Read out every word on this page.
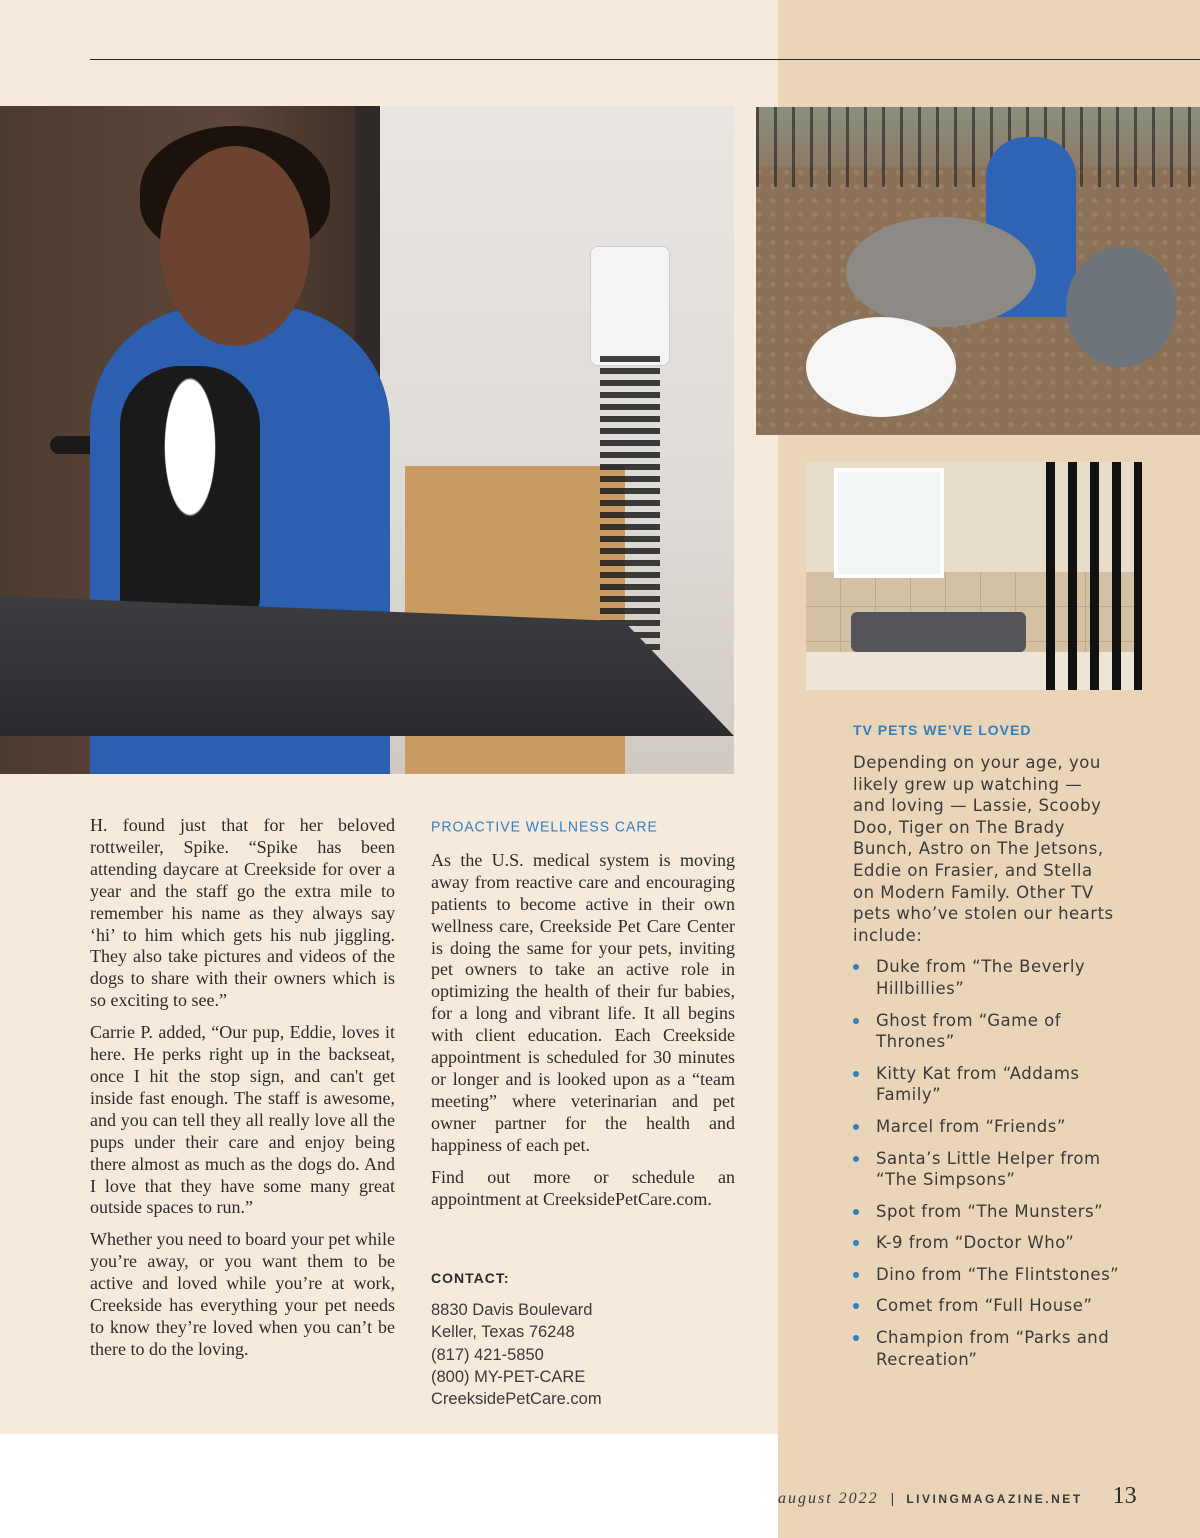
H. found just that for her beloved rottweiler, Spike. “Spike has been attending daycare at Creekside for over a year and the staff go the extra mile to remember his name as they always say ‘hi’ to him which gets his nub jiggling. They also take pictures and videos of the dogs to share with their owners which is so exciting to see.”

Carrie P. added, “Our pup, Eddie, loves it here. He perks right up in the backseat, once I hit the stop sign, and can't get inside fast enough. The staff is awesome, and you can tell they all really love all the pups under their care and enjoy being there almost as much as the dogs do. And I love that they have some many great outside spaces to run.”

Whether you need to board your pet while you’re away, or you want them to be active and loved while you’re at work, Creekside has everything your pet needs to know they’re loved when you can’t be there to do the loving.

PROACTIVE WELLNESS CARE

As the U.S. medical system is moving away from reactive care and encouraging patients to become active in their own wellness care, Creekside Pet Care Center is doing the same for your pets, inviting pet owners to take an active role in optimizing the health of their fur babies, for a long and vibrant life. It all begins with client education. Each Creekside appointment is scheduled for 30 minutes or longer and is looked upon as a “team meeting” where veterinarian and pet owner partner for the health and happiness of each pet.

Find out more or schedule an appointment at CreeksidePetCare.com.

CONTACT:
8830 Davis Boulevard
Keller, Texas 76248
(817) 421-5850
(800) MY-PET-CARE
CreeksidePetCare.com
TV PETS WE’VE LOVED
Depending on your age, you likely grew up watching — and loving — Lassie, Scooby Doo, Tiger on The Brady Bunch, Astro on The Jetsons, Eddie on Frasier, and Stella on Modern Family. Other TV pets who’ve stolen our hearts include:
Duke from “The Beverly Hillbillies”
Ghost from “Game of Thrones”
Kitty Kat from “Addams Family”
Marcel from “Friends”
Santa’s Little Helper from “The Simpsons”
Spot from “The Munsters”
K-9 from “Doctor Who”
Dino from “The Flintstones”
Comet from “Full House”
Champion from “Parks and Recreation”
august 2022 | LIVINGMAGAZINE.NET 13
